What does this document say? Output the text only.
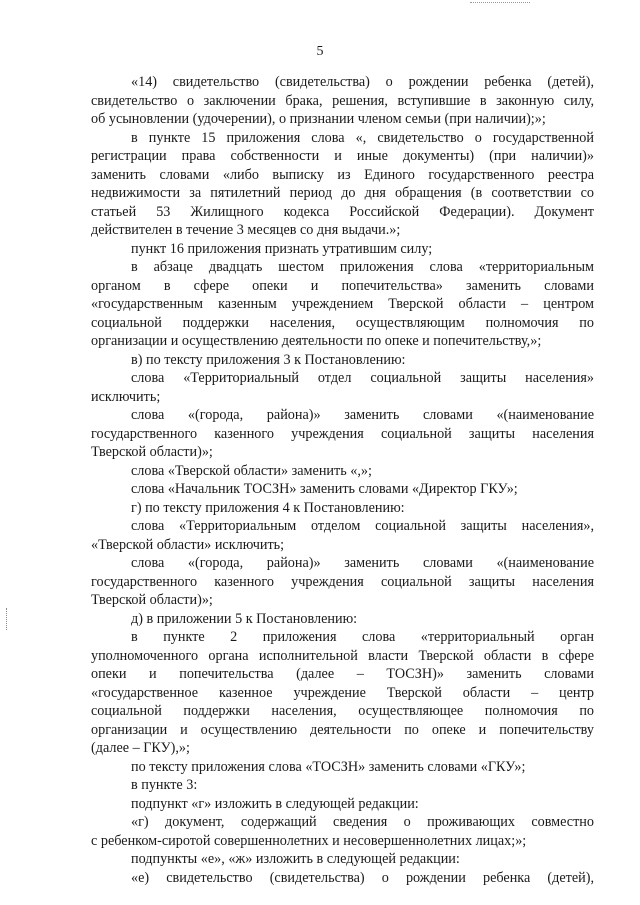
5
«14) свидетельство (свидетельства) о рождении ребенка (детей),
свидетельство о заключении брака, решения, вступившие в законную силу,
об усыновлении (удочерении), о признании членом семьи (при наличии);»;
в пункте 15 приложения слова «, свидетельство о государственной
регистрации права собственности и иные документы) (при наличии)»
заменить словами «либо выписку из Единого государственного реестра
недвижимости за пятилетний период до дня обращения (в соответствии со
статьей 53 Жилищного кодекса Российской Федерации). Документ
действителен в течение 3 месяцев со дня выдачи.»;
пункт 16 приложения признать утратившим силу;
в абзаце двадцать шестом приложения слова «территориальным
органом в сфере опеки и попечительства» заменить словами
«государственным казенным учреждением Тверской области – центром
социальной поддержки населения, осуществляющим полномочия по
организации и осуществлению деятельности по опеке и попечительству,»;
в) по тексту приложения 3 к Постановлению:
слова «Территориальный отдел социальной защиты населения»
исключить;
слова «(города, района)» заменить словами «(наименование
государственного казенного учреждения социальной защиты населения
Тверской области)»;
слова «Тверской области» заменить «,»;
слова «Начальник ТОСЗН» заменить словами «Директор ГКУ»;
г) по тексту приложения 4 к Постановлению:
слова «Территориальным отделом социальной защиты населения»,
«Тверской области» исключить;
слова «(города, района)» заменить словами «(наименование
государственного казенного учреждения социальной защиты населения
Тверской области)»;
д) в приложении 5 к Постановлению:
в пункте 2 приложения слова «территориальный орган
уполномоченного органа исполнительной власти Тверской области в сфере
опеки и попечительства (далее – ТОСЗН)» заменить словами
«государственное казенное учреждение Тверской области – центр
социальной поддержки населения, осуществляющее полномочия по
организации и осуществлению деятельности по опеке и попечительству
(далее – ГКУ),»;
по тексту приложения слова «ТОСЗН» заменить словами «ГКУ»;
в пункте 3:
подпункт «г» изложить в следующей редакции:
«г) документ, содержащий сведения о проживающих совместно
с ребенком-сиротой совершеннолетних и несовершеннолетних лицах;»;
подпункты «е», «ж» изложить в следующей редакции:
«е) свидетельство (свидетельства) о рождении ребенка (детей),
